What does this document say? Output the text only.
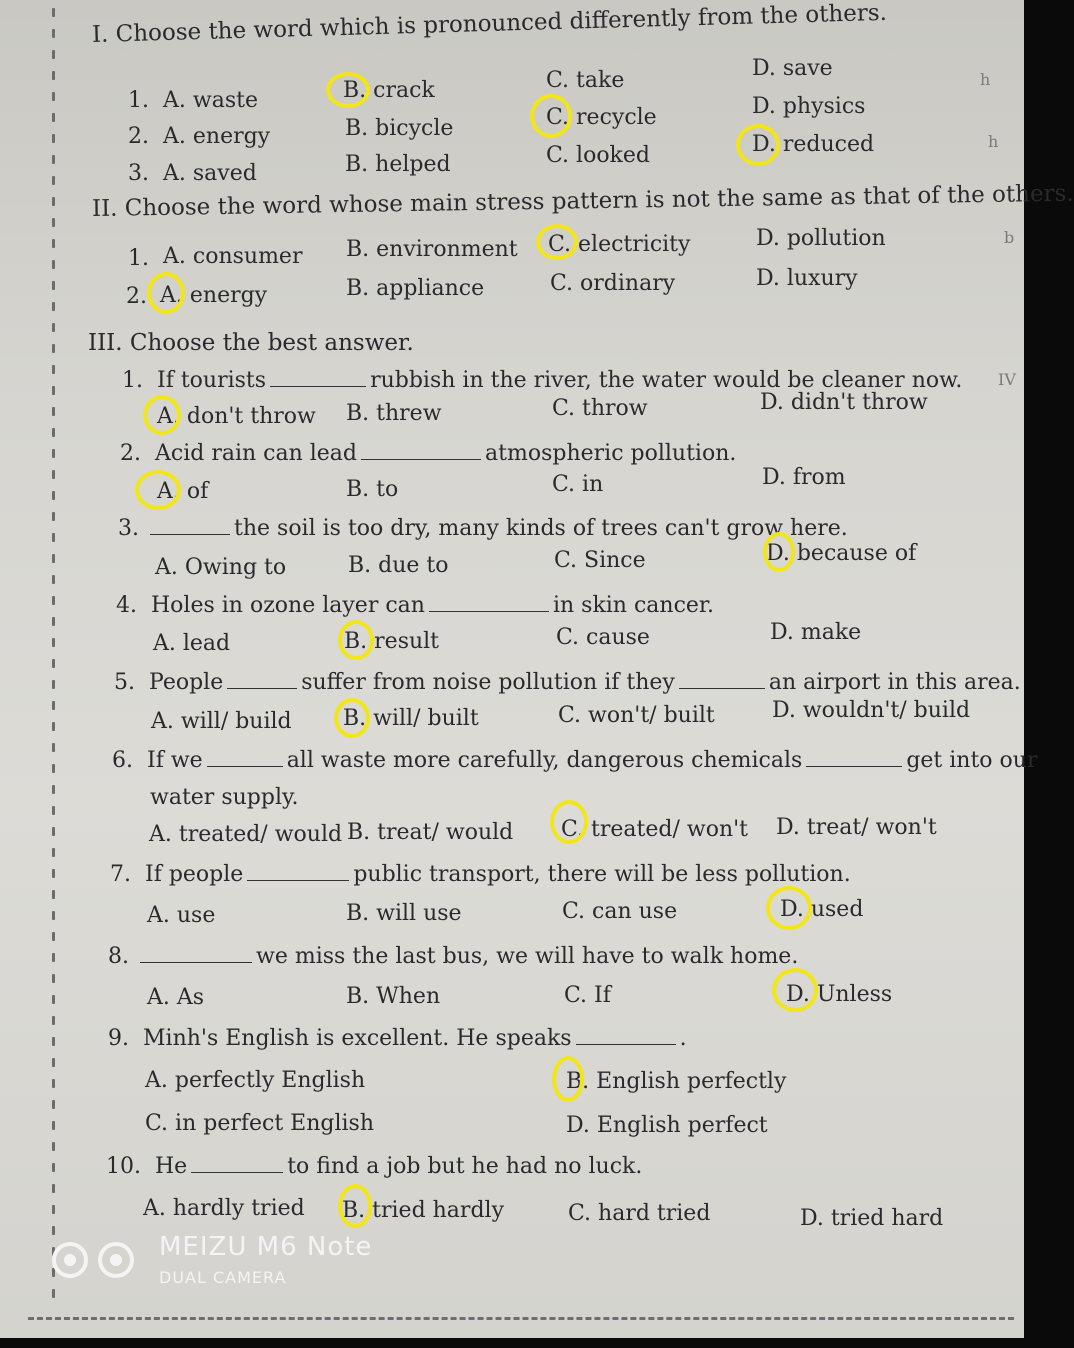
I. Choose the word which is pronounced differently from the others.
1. A. waste	B. crack	C. take	D. save
2. A. energy	B. bicycle	C. recycle	D. physics
3. A. saved	B. helped	C. looked	D. reduced
II. Choose the word whose main stress pattern is not the same as that of the others.
1. A. consumer B. environment C. electricity	D. pollution
2. A. energy	B. appliance	C. ordinary	D. luxury
III. Choose the best answer.
1. If tourists	rubbish in the river, the water would be cleaner now.
A. don't throw B. threw	C. throw	D. didn't throw
2. Acid rain can lead	atmospheric pollution.
A. of	B. to	C. in	D. from
3.	the soil is too dry, many kinds of trees can't grow here.
A. Owing to	B. due to	C. Since	D. because of
4. Holes in ozone layer can	in skin cancer.
A. lead	B. result	C. cause	D. make
5. People	suffer from noise pollution if they	an airport in this area.
A. will/ build B. will/ built	C. won't/ built	D. wouldn't/ build
6. If we	all waste more carefully, dangerous chemicals	get into our
water supply.
A. treated/ would B. treat/ would C. treated/ won't D. treat/ won't
7. If people	public transport, there will be less pollution.
A. use	B. will use	C. can use	D. used
8.	we miss the last bus, we will have to walk home.
A. As	B. When	C. If	D. Unless
9. Minh's English is excellent. He speaks	.
A. perfectly English	B. English perfectly
C. in perfect English	D. English perfect
10. He	to find a job but he had no luck.
A. hardly tried B. tried hardly	C. hard tried	D. tried hard
h
h
b
IV
MEIZU M6 Note
DUAL CAMERA
